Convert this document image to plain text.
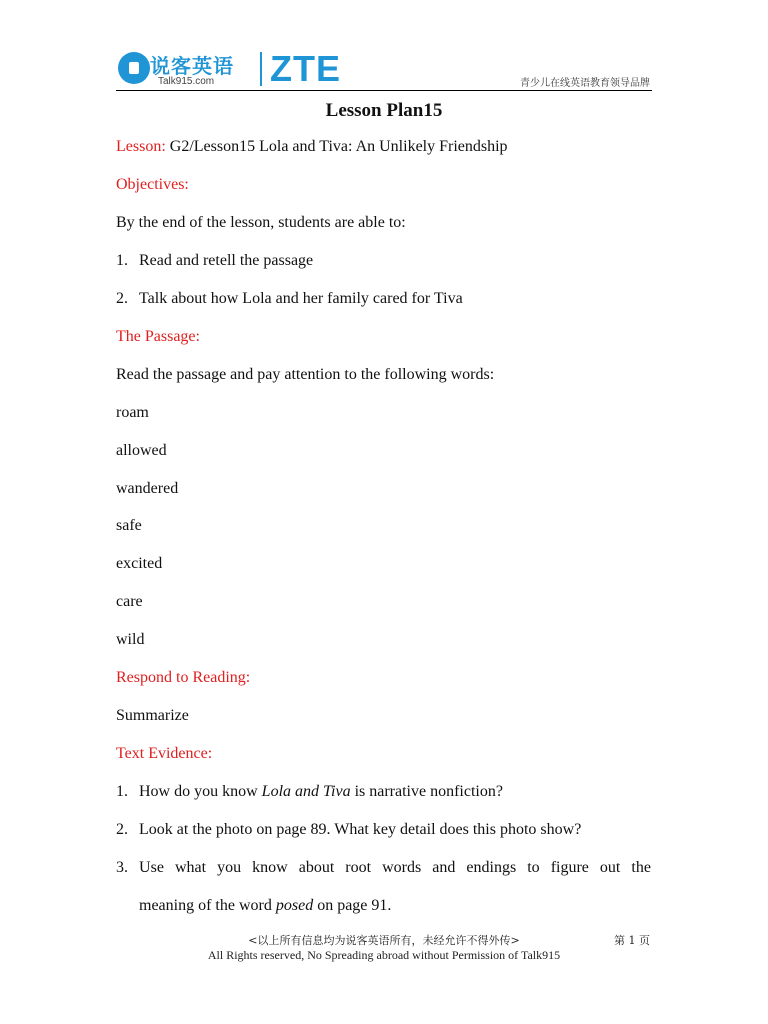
说客英语
Talk915.com ZTE	青少儿在线英语教育领导品牌
Lesson Plan15
Lesson: G2/Lesson15 Lola and Tiva: An Unlikely Friendship
Objectives:
By the end of the lesson, students are able to:
1. Read and retell the passage
2. Talk about how Lola and her family cared for Tiva
The Passage:
Read the passage and pay attention to the following words:
roam
allowed
wandered
safe
excited
care
wild
Respond to Reading:
Summarize
Text Evidence:
1. How do you know Lola and Tiva is narrative nonfiction?
2. Look at the photo on page 89. What key detail does this photo show?
3. Use what you know about root words and endings to figure out the
meaning of the word posed on page 91.
<以上所有信息均为说客英语所有，未经允许不得外传>	第 1 页
All Rights reserved, No Spreading abroad without Permission of Talk915
